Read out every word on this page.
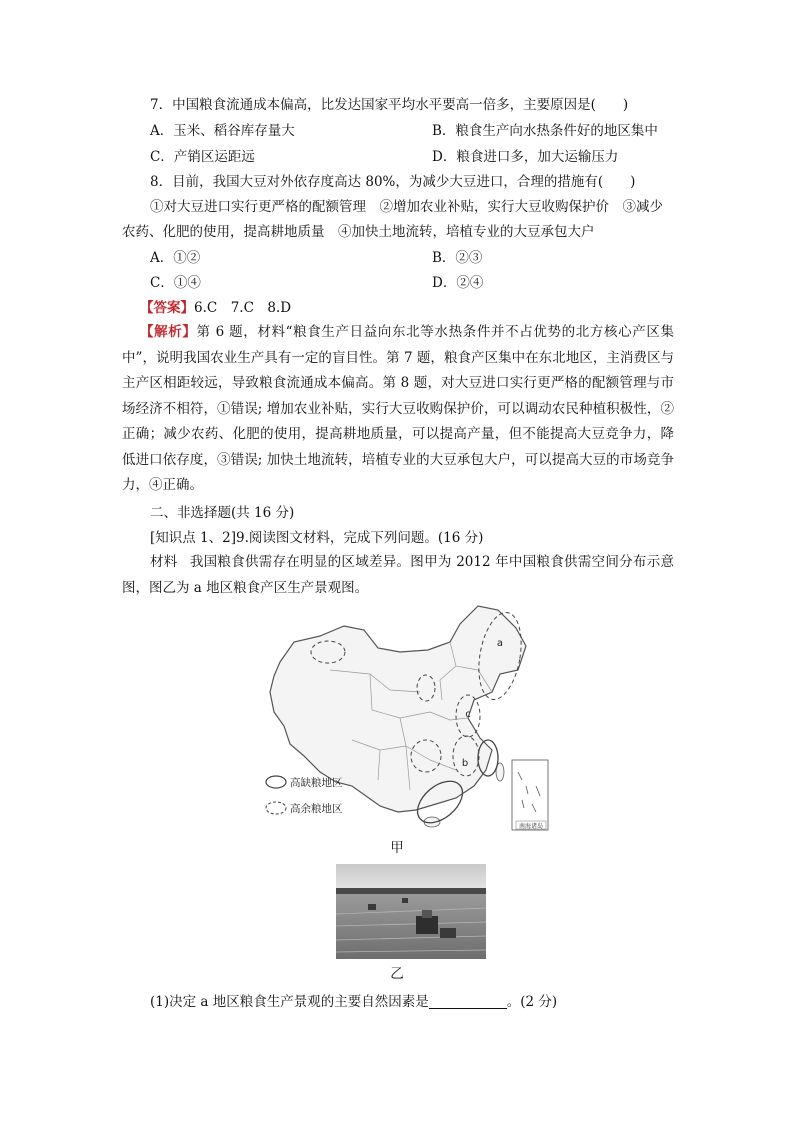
7．中国粮食流通成本偏高，比发达国家平均水平要高一倍多，主要原因是(　　)
A．玉米、稻谷库存量大	B．粮食生产向水热条件好的地区集中
C．产销区运距远	D．粮食进口多，加大运输压力
8．目前，我国大豆对外依存度高达 80%，为减少大豆进口，合理的措施有(　　)
①对大豆进口实行更严格的配额管理　②增加农业补贴，实行大豆收购保护价　③减少
农药、化肥的使用，提高耕地质量　④加快土地流转，培植专业的大豆承包大户
A．①②	B．②③
C．①④	D．②④
【答案】6.C　7.C　8.D
【解析】第 6 题，材料“粮食生产日益向东北等水热条件并不占优势的北方核心产区集中”，说明我国农业生产具有一定的盲目性。第 7 题，粮食产区集中在东北地区，主消费区与主产区相距较远，导致粮食流通成本偏高。第 8 题，对大豆进口实行更严格的配额管理与市场经济不相符，①错误; 增加农业补贴，实行大豆收购保护价，可以调动农民种植积极性，②正确；减少农药、化肥的使用，提高耕地质量，可以提高产量，但不能提高大豆竞争力，降低进口依存度，③错误; 加快土地流转，培植专业的大豆承包大户，可以提高大豆的市场竞争力，④正确。
二、非选择题(共 16 分)
[知识点 1、2]9.阅读图文材料，完成下列问题。(16 分)
材料 我国粮食供需存在明显的区域差异。图甲为 2012 年中国粮食供需空间分布示意图，图乙为 a 地区粮食产区生产景观图。
a
b
c
高缺粮地区
高余粮地区
南海诸岛
甲
乙
(1)决定 a 地区粮食生产景观的主要自然因素是	。(2 分)
